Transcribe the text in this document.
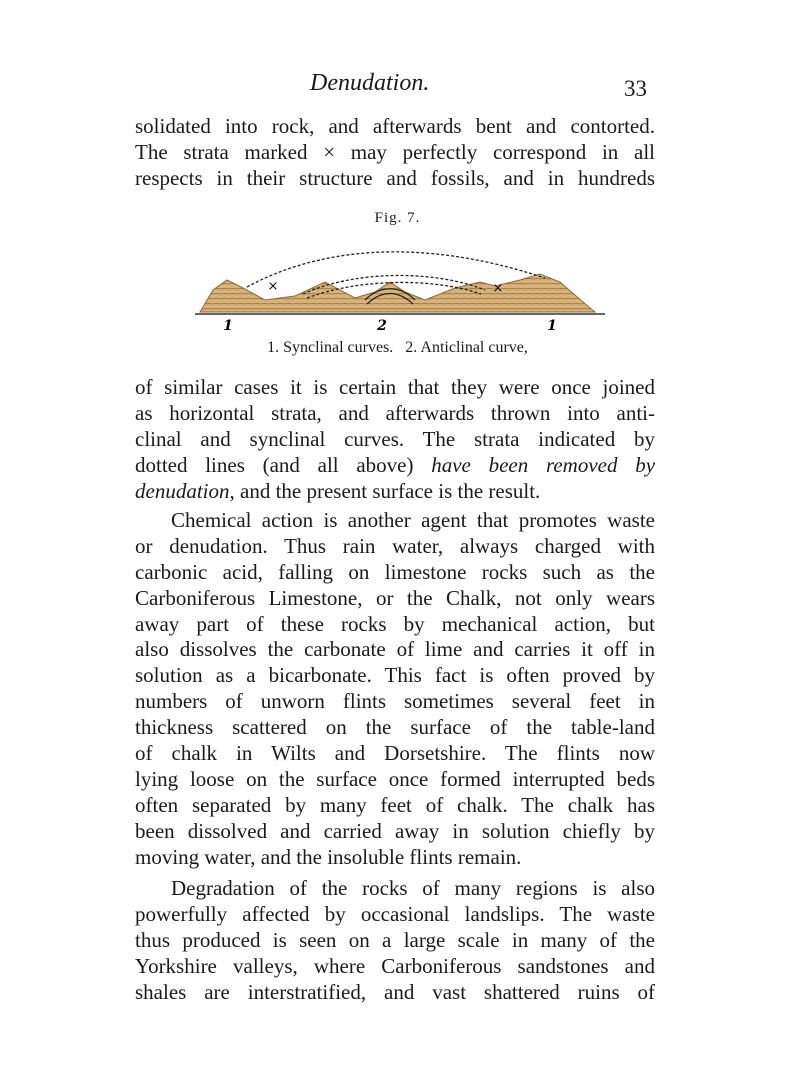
Denudation.	33
solidated into rock, and afterwards bent and contorted.
The strata marked × may perfectly correspond in all
respects in their structure and fossils, and in hundreds
Fig. 7.
×	×
1	2	1
1. Synclinal curves.   2. Anticlinal curve,
of similar cases it is certain that they were once joined
as horizontal strata, and afterwards thrown into anti-
clinal and synclinal curves. The strata indicated by
dotted lines (and all above) have been removed by
denudation, and the present surface is the result.
Chemical action is another agent that promotes waste
or denudation. Thus rain water, always charged with
carbonic acid, falling on limestone rocks such as the
Carboniferous Limestone, or the Chalk, not only wears
away part of these rocks by mechanical action, but
also dissolves the carbonate of lime and carries it off in
solution as a bicarbonate. This fact is often proved by
numbers of unworn flints sometimes several feet in
thickness scattered on the surface of the table-land
of chalk in Wilts and Dorsetshire. The flints now
lying loose on the surface once formed interrupted beds
often separated by many feet of chalk. The chalk has
been dissolved and carried away in solution chiefly by
moving water, and the insoluble flints remain.
Degradation of the rocks of many regions is also
powerfully affected by occasional landslips. The waste
thus produced is seen on a large scale in many of the
Yorkshire valleys, where Carboniferous sandstones and
shales are interstratified, and vast shattered ruins of
